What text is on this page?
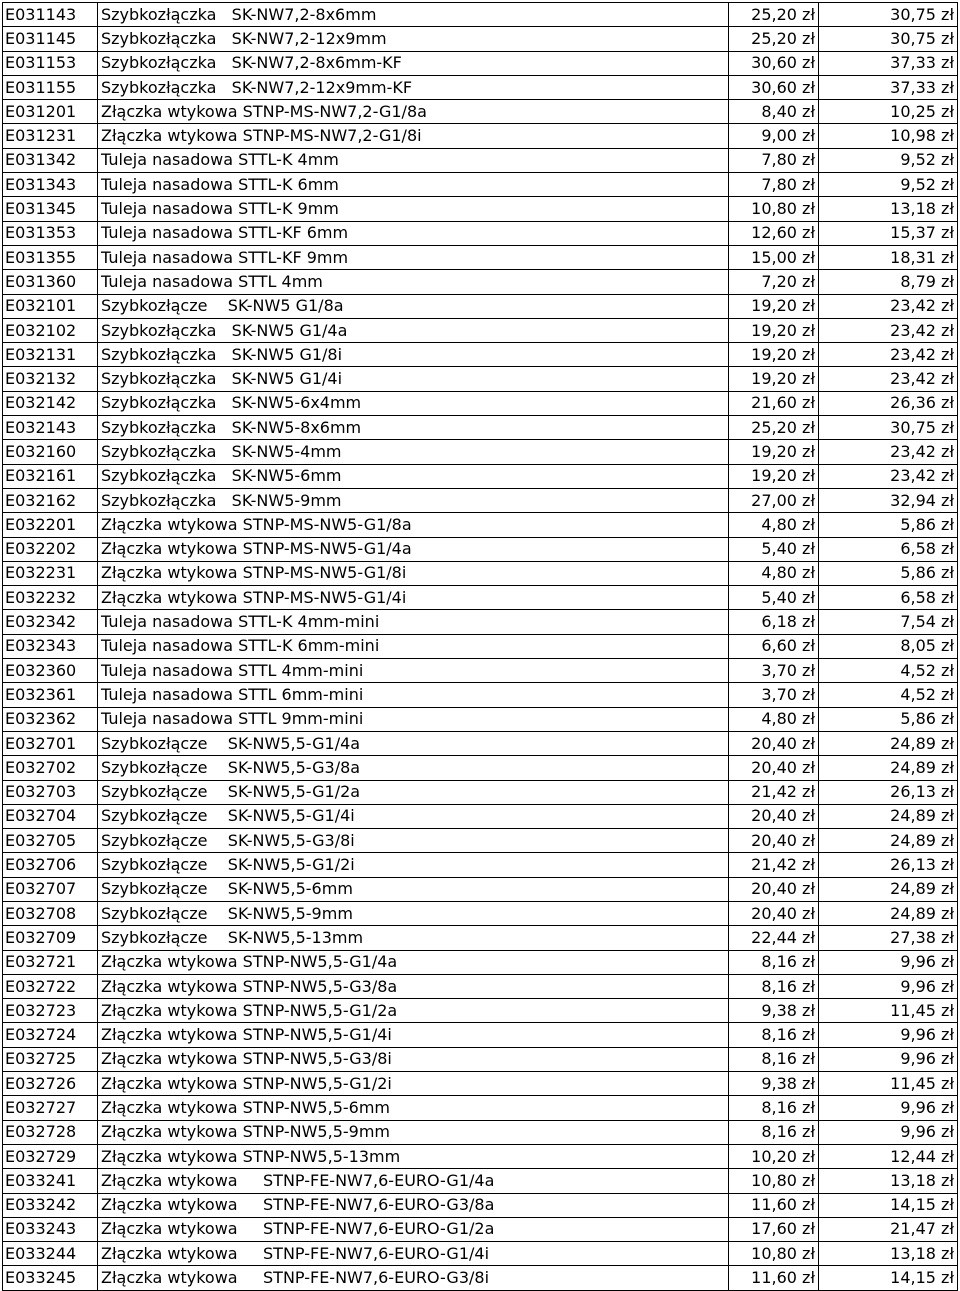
E031143	Szybkozłączka   SK-NW7,2-8x6mm	25,20 zł	30,75 zł
E031145	Szybkozłączka   SK-NW7,2-12x9mm	25,20 zł	30,75 zł
E031153	Szybkozłączka   SK-NW7,2-8x6mm-KF	30,60 zł	37,33 zł
E031155	Szybkozłączka   SK-NW7,2-12x9mm-KF	30,60 zł	37,33 zł
E031201	Złączka wtykowa STNP-MS-NW7,2-G1/8a	8,40 zł	10,25 zł
E031231	Złączka wtykowa STNP-MS-NW7,2-G1/8i	9,00 zł	10,98 zł
E031342	Tuleja nasadowa STTL-K 4mm	7,80 zł	9,52 zł
E031343	Tuleja nasadowa STTL-K 6mm	7,80 zł	9,52 zł
E031345	Tuleja nasadowa STTL-K 9mm	10,80 zł	13,18 zł
E031353	Tuleja nasadowa STTL-KF 6mm	12,60 zł	15,37 zł
E031355	Tuleja nasadowa STTL-KF 9mm	15,00 zł	18,31 zł
E031360	Tuleja nasadowa STTL 4mm	7,20 zł	8,79 zł
E032101	Szybkozłącze    SK-NW5 G1/8a	19,20 zł	23,42 zł
E032102	Szybkozłączka   SK-NW5 G1/4a	19,20 zł	23,42 zł
E032131	Szybkozłączka   SK-NW5 G1/8i	19,20 zł	23,42 zł
E032132	Szybkozłączka   SK-NW5 G1/4i	19,20 zł	23,42 zł
E032142	Szybkozłączka   SK-NW5-6x4mm	21,60 zł	26,36 zł
E032143	Szybkozłączka   SK-NW5-8x6mm	25,20 zł	30,75 zł
E032160	Szybkozłączka   SK-NW5-4mm	19,20 zł	23,42 zł
E032161	Szybkozłączka   SK-NW5-6mm	19,20 zł	23,42 zł
E032162	Szybkozłączka   SK-NW5-9mm	27,00 zł	32,94 zł
E032201	Złączka wtykowa STNP-MS-NW5-G1/8a	4,80 zł	5,86 zł
E032202	Złączka wtykowa STNP-MS-NW5-G1/4a	5,40 zł	6,58 zł
E032231	Złączka wtykowa STNP-MS-NW5-G1/8i	4,80 zł	5,86 zł
E032232	Złączka wtykowa STNP-MS-NW5-G1/4i	5,40 zł	6,58 zł
E032342	Tuleja nasadowa STTL-K 4mm-mini	6,18 zł	7,54 zł
E032343	Tuleja nasadowa STTL-K 6mm-mini	6,60 zł	8,05 zł
E032360	Tuleja nasadowa STTL 4mm-mini	3,70 zł	4,52 zł
E032361	Tuleja nasadowa STTL 6mm-mini	3,70 zł	4,52 zł
E032362	Tuleja nasadowa STTL 9mm-mini	4,80 zł	5,86 zł
E032701	Szybkozłącze    SK-NW5,5-G1/4a	20,40 zł	24,89 zł
E032702	Szybkozłącze    SK-NW5,5-G3/8a	20,40 zł	24,89 zł
E032703	Szybkozłącze    SK-NW5,5-G1/2a	21,42 zł	26,13 zł
E032704	Szybkozłącze    SK-NW5,5-G1/4i	20,40 zł	24,89 zł
E032705	Szybkozłącze    SK-NW5,5-G3/8i	20,40 zł	24,89 zł
E032706	Szybkozłącze    SK-NW5,5-G1/2i	21,42 zł	26,13 zł
E032707	Szybkozłącze    SK-NW5,5-6mm	20,40 zł	24,89 zł
E032708	Szybkozłącze    SK-NW5,5-9mm	20,40 zł	24,89 zł
E032709	Szybkozłącze    SK-NW5,5-13mm	22,44 zł	27,38 zł
E032721	Złączka wtykowa STNP-NW5,5-G1/4a	8,16 zł	9,96 zł
E032722	Złączka wtykowa STNP-NW5,5-G3/8a	8,16 zł	9,96 zł
E032723	Złączka wtykowa STNP-NW5,5-G1/2a	9,38 zł	11,45 zł
E032724	Złączka wtykowa STNP-NW5,5-G1/4i	8,16 zł	9,96 zł
E032725	Złączka wtykowa STNP-NW5,5-G3/8i	8,16 zł	9,96 zł
E032726	Złączka wtykowa STNP-NW5,5-G1/2i	9,38 zł	11,45 zł
E032727	Złączka wtykowa STNP-NW5,5-6mm	8,16 zł	9,96 zł
E032728	Złączka wtykowa STNP-NW5,5-9mm	8,16 zł	9,96 zł
E032729	Złączka wtykowa STNP-NW5,5-13mm	10,20 zł	12,44 zł
E033241	Złączka wtykowa     STNP-FE-NW7,6-EURO-G1/4a	10,80 zł	13,18 zł
E033242	Złączka wtykowa     STNP-FE-NW7,6-EURO-G3/8a	11,60 zł	14,15 zł
E033243	Złączka wtykowa     STNP-FE-NW7,6-EURO-G1/2a	17,60 zł	21,47 zł
E033244	Złączka wtykowa     STNP-FE-NW7,6-EURO-G1/4i	10,80 zł	13,18 zł
E033245	Złączka wtykowa     STNP-FE-NW7,6-EURO-G3/8i	11,60 zł	14,15 zł
